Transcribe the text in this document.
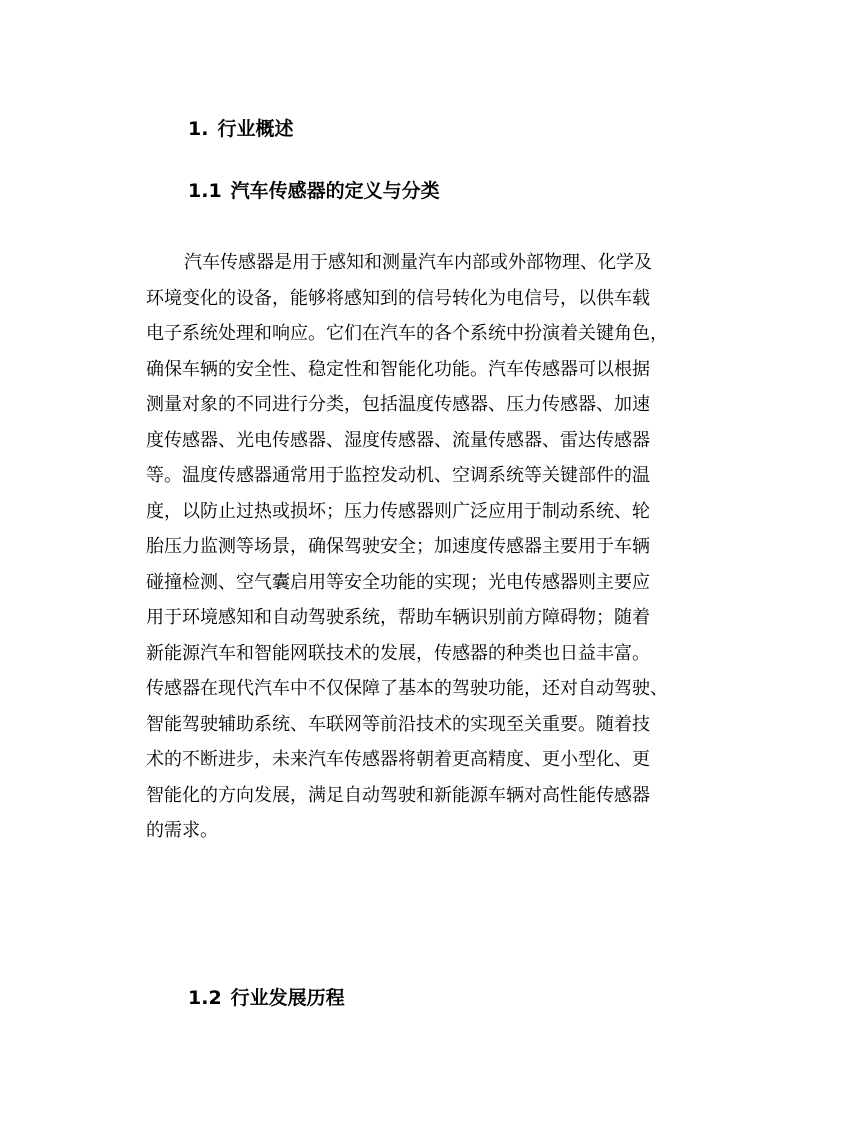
1. 行业概述
1.1 汽车传感器的定义与分类
汽车传感器是用于感知和测量汽车内部或外部物理、化学及
环境变化的设备，能够将感知到的信号转化为电信号，以供车载
电子系统处理和响应。它们在汽车的各个系统中扮演着关键角色，
确保车辆的安全性、稳定性和智能化功能。汽车传感器可以根据
测量对象的不同进行分类，包括温度传感器、压力传感器、加速
度传感器、光电传感器、湿度传感器、流量传感器、雷达传感器
等。温度传感器通常用于监控发动机、空调系统等关键部件的温
度，以防止过热或损坏；压力传感器则广泛应用于制动系统、轮
胎压力监测等场景，确保驾驶安全；加速度传感器主要用于车辆
碰撞检测、空气囊启用等安全功能的实现；光电传感器则主要应
用于环境感知和自动驾驶系统，帮助车辆识别前方障碍物；随着
新能源汽车和智能网联技术的发展，传感器的种类也日益丰富。
传感器在现代汽车中不仅保障了基本的驾驶功能，还对自动驾驶、
智能驾驶辅助系统、车联网等前沿技术的实现至关重要。随着技
术的不断进步，未来汽车传感器将朝着更高精度、更小型化、更
智能化的方向发展，满足自动驾驶和新能源车辆对高性能传感器
的需求。
1.2 行业发展历程
